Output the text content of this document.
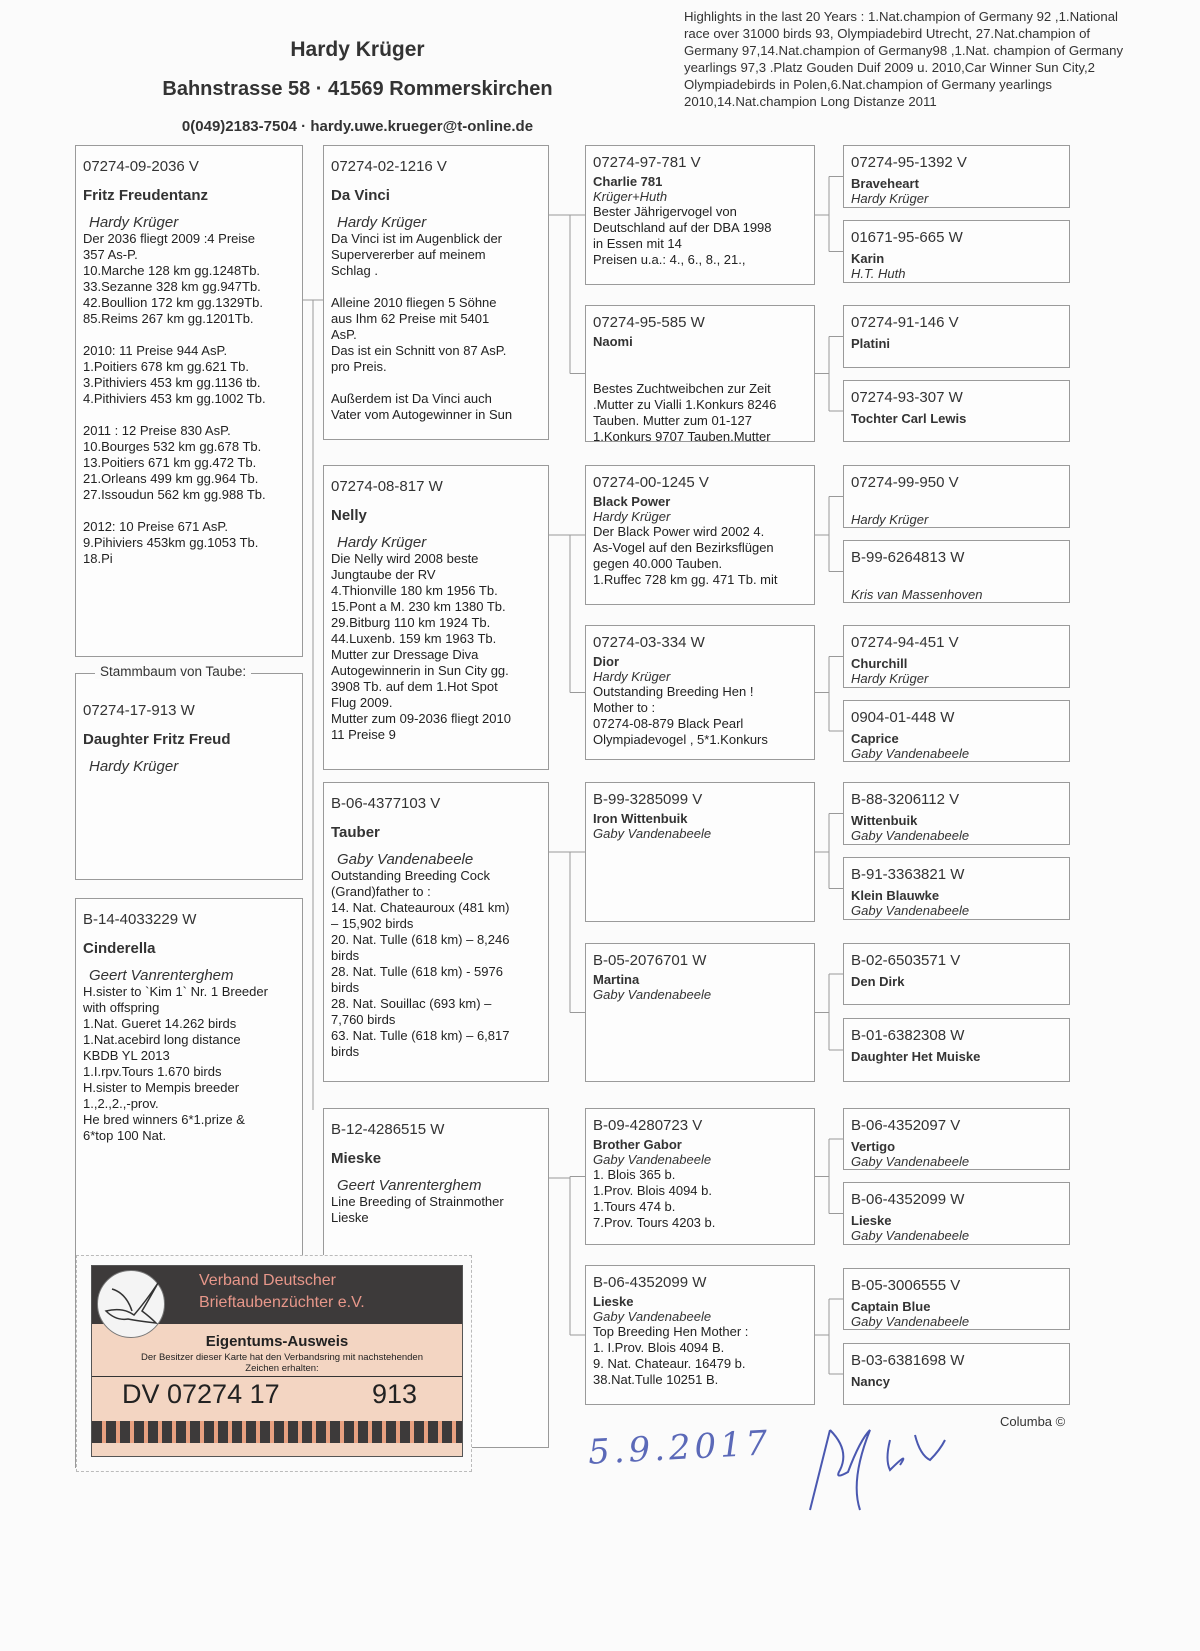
Hardy Krüger
Bahnstrasse 58 · 41569 Rommerskirchen
0(049)2183-7504 · hardy.uwe.krueger@t-online.de
Highlights in the last 20 Years : 1.Nat.champion of Germany 92 ,1.National race over 31000 birds 93, Olympiadebird Utrecht, 27.Nat.champion of Germany 97,14.Nat.champion of Germany98 ,1.Nat. champion of Germany yearlings 97,3 .Platz Gouden Duif 2009 u. 2010,Car Winner Sun City,2 Olympiadebirds in Polen,6.Nat.champion of Germany yearlings 2010,14.Nat.champion Long Distanze 2011
07274-09-2036 V
Fritz Freudentanz
Hardy Krüger
Der 2036 fliegt 2009 :4 Preise
357 As-P.
10.Marche 128 km gg.1248Tb.
33.Sezanne 328 km gg.947Tb.
42.Boullion 172 km gg.1329Tb.
85.Reims 267 km gg.1201Tb.

2010: 11 Preise 944 AsP.
1.Poitiers 678 km gg.621 Tb.
3.Pithiviers 453 km gg.1136 tb.
4.Pithiviers 453 km gg.1002 Tb.

2011 : 12 Preise 830 AsP.
10.Bourges 532 km gg.678 Tb.
13.Poitiers 671 km gg.472 Tb.
21.Orleans 499 km gg.964 Tb.
27.Issoudun 562 km gg.988 Tb.

2012: 10 Preise 671 AsP.
9.Pihiviers 453km gg.1053 Tb.
18.Pi
07274-17-913 W
Daughter Fritz Freud
Hardy Krüger
B-14-4033229 W
Cinderella
Geert Vanrenterghem
H.sister to `Kim 1` Nr. 1 Breeder
with offspring
1.Nat. Gueret 14.262 birds
1.Nat.acebird long distance
KBDB YL 2013
1.I.rpv.Tours 1.670 birds
H.sister to Mempis breeder
1.,2.,2.,-prov.
He bred winners 6*1.prize &
6*top 100 Nat.
07274-02-1216 V
Da Vinci
Hardy Krüger
Da Vinci ist im Augenblick der
Supervererber auf meinem
Schlag .

Alleine 2010 fliegen 5 Söhne
aus Ihm 62 Preise mit 5401
AsP.
Das ist ein Schnitt von 87 AsP.
pro Preis.

Außerdem ist Da Vinci auch
Vater vom Autogewinner in Sun
07274-08-817 W
Nelly
Hardy Krüger
Die Nelly wird 2008 beste
Jungtaube der RV
4.Thionville 180 km 1956 Tb.
15.Pont a M. 230 km 1380 Tb.
29.Bitburg 110 km 1924 Tb.
44.Luxenb. 159 km 1963 Tb.
Mutter zur Dressage Diva
Autogewinnerin in Sun City gg.
3908 Tb. auf dem 1.Hot Spot
Flug 2009.
Mutter zum 09-2036 fliegt 2010
11 Preise 9
B-06-4377103 V
Tauber
Gaby Vandenabeele
Outstanding Breeding Cock
(Grand)father to :
14. Nat. Chateauroux (481 km)
– 15,902 birds
20. Nat. Tulle (618 km) – 8,246
birds
28. Nat. Tulle (618 km) - 5976
birds
28. Nat. Souillac (693 km) –
7,760 birds
63. Nat. Tulle (618 km) – 6,817
birds
B-12-4286515 W
Mieske
Geert Vanrenterghem
Line Breeding of Strainmother
Lieske
07274-97-781 V
Charlie 781
Krüger+Huth
Bester Jährigervogel von
Deutschland auf der DBA 1998
in Essen mit 14
Preisen u.a.: 4., 6., 8., 21.,
07274-95-585 W
Naomi

Bestes Zuchtweibchen zur Zeit
.Mutter zu Vialli 1.Konkurs 8246
Tauben. Mutter zum 01-127
1.Konkurs 9707 Tauben.Mutter
07274-00-1245 V
Black Power
Hardy Krüger
Der Black Power wird 2002 4.
As-Vogel auf den Bezirksflügen
gegen 40.000 Tauben.
1.Ruffec 728 km gg. 471 Tb. mit
07274-03-334 W
Dior
Hardy Krüger
Outstanding Breeding Hen !
Mother to :
07274-08-879 Black Pearl
Olympiadevogel , 5*1.Konkurs
B-99-3285099 V
Iron Wittenbuik
Gaby Vandenabeele
B-05-2076701 W
Martina
Gaby Vandenabeele
B-09-4280723 V
Brother Gabor
Gaby Vandenabeele
1. Blois 365 b.
1.Prov. Blois 4094 b.
1.Tours 474 b.
7.Prov. Tours 4203 b.
B-06-4352099 W
Lieske
Gaby Vandenabeele
Top Breeding Hen Mother :
1. I.Prov. Blois 4094 B.
9. Nat. Chateaur. 16479 b.
38.Nat.Tulle 10251 B.
07274-95-1392 V
Braveheart
Hardy Krüger
01671-95-665 W
Karin
H.T. Huth
07274-91-146 V
Platini
07274-93-307 W
Tochter Carl Lewis
07274-99-950 V
Hardy Krüger
B-99-6264813 W
Kris van Massenhoven
07274-94-451 V
Churchill
Hardy Krüger
0904-01-448 W
Caprice
Gaby Vandenabeele
B-88-3206112 V
Wittenbuik
Gaby Vandenabeele
B-91-3363821 W
Klein Blauwke
Gaby Vandenabeele
B-02-6503571 V
Den Dirk
B-01-6382308 W
Daughter Het Muiske
B-06-4352097 V
Vertigo
Gaby Vandenabeele
B-06-4352099 W
Lieske
Gaby Vandenabeele
B-05-3006555 V
Captain Blue
Gaby Vandenabeele
B-03-6381698 W
Nancy
Stammbaum von Taube:
Verband Deutscher
Brieftaubenzüchter e.V.
Eigentums-Ausweis
Der Besitzer dieser Karte hat den Verbandsring mit nachstehenden Zeichen erhalten:
DV 07274 17	913
Columba ©
5.9.2017
